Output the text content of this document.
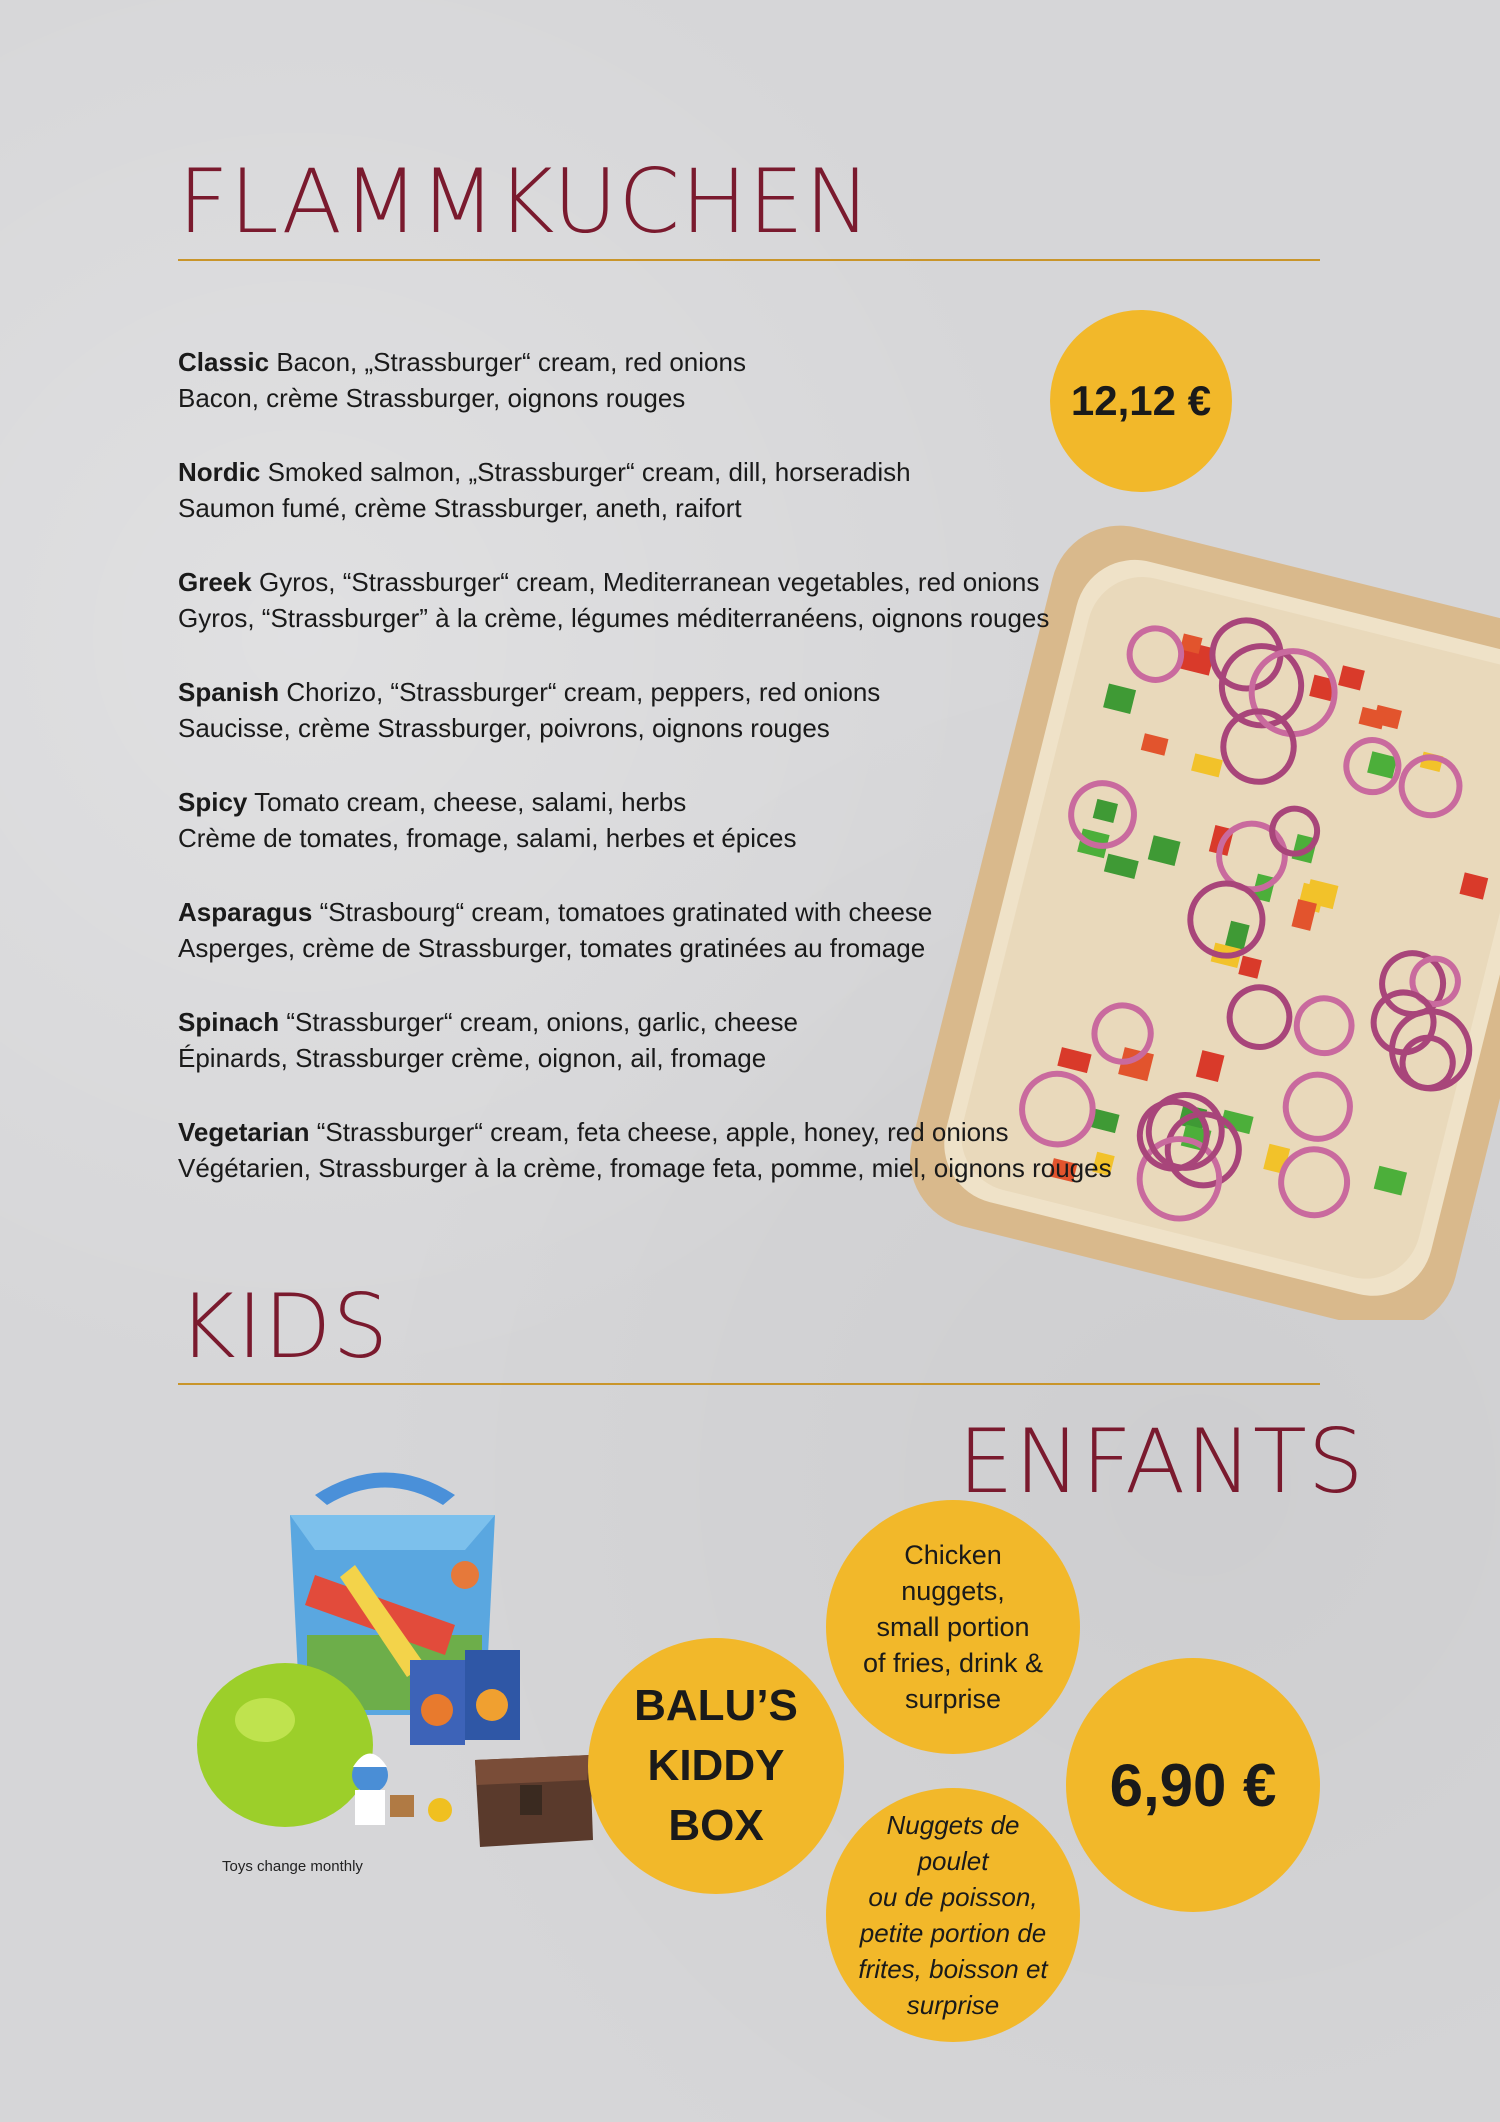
FLAMMKUCHEN
12,12 €
Classic Bacon, „Strassburger“ cream, red onions
Bacon, crème Strassburger, oignons rouges
Nordic Smoked salmon, „Strassburger“ cream, dill, horseradish
Saumon fumé, crème Strassburger, aneth, raifort
Greek Gyros, “Strassburger“ cream, Mediterranean vegetables, red onions
Gyros, “Strassburger” à la crème, légumes méditerranéens, oignons rouges
Spanish Chorizo, “Strassburger“ cream, peppers, red onions
Saucisse, crème Strassburger, poivrons, oignons rouges
Spicy Tomato cream, cheese, salami, herbs
Crème de tomates, fromage, salami, herbes et épices
Asparagus “Strasbourg“ cream, tomatoes gratinated with cheese
Asperges, crème de Strassburger, tomates gratinées au fromage
Spinach “Strassburger“ cream, onions, garlic, cheese
Épinards, Strassburger crème, oignon, ail, fromage
Vegetarian “Strassburger“ cream, feta cheese, apple, honey, red onions
Végétarien, Strassburger à la crème, fromage feta, pomme, miel, oignons rouges
KIDS
ENFANTS
Toys change monthly
BALU’S
KIDDY
BOX
Chicken nuggets,
small portion
of fries, drink &
surprise
Nuggets de poulet
ou de poisson,
petite portion de
frites, boisson et
surprise
6,90 €
